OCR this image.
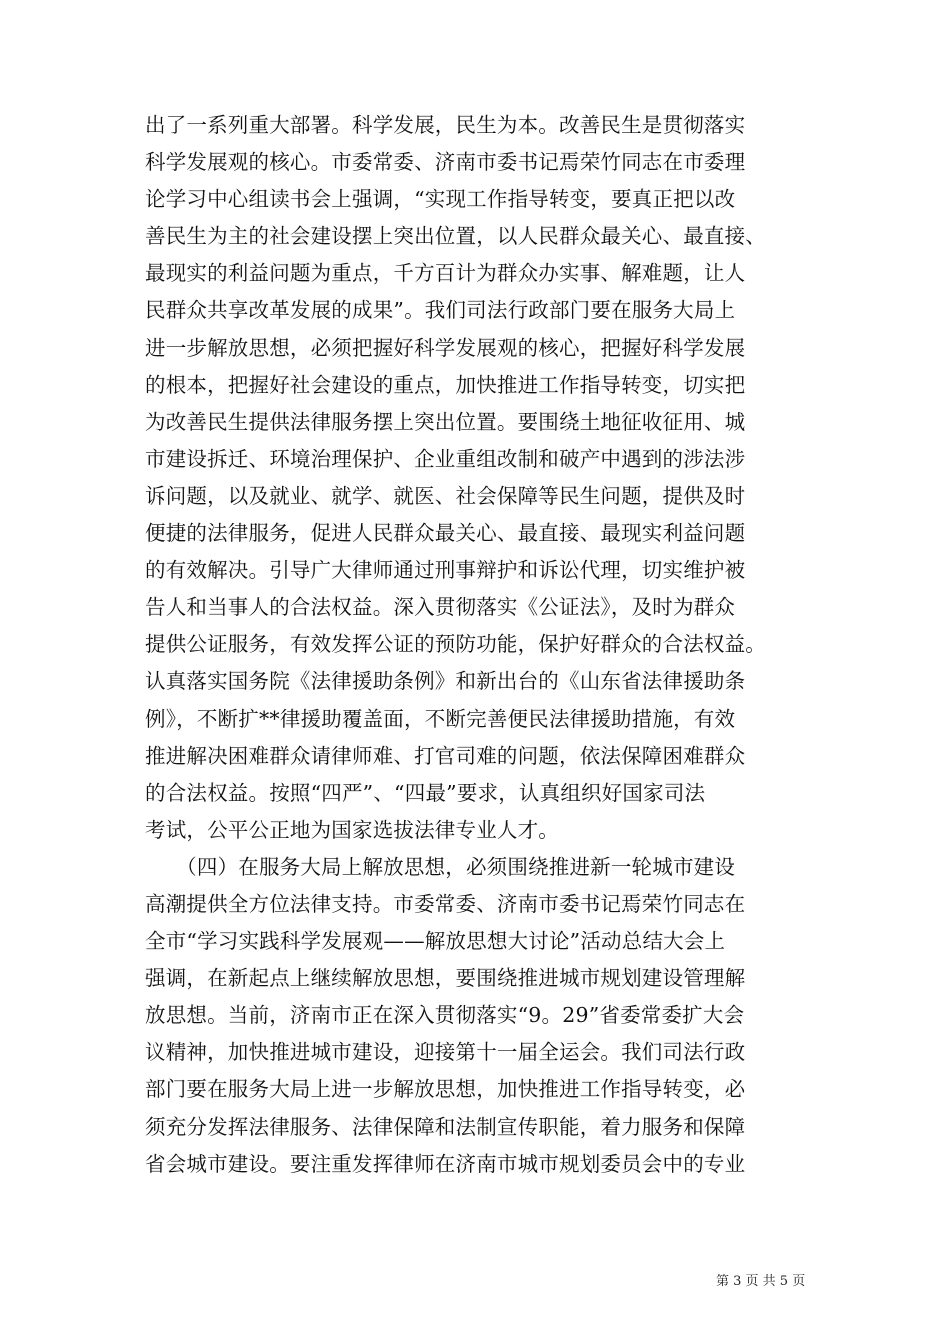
出了一系列重大部署。科学发展，民生为本。改善民生是贯彻落实
科学发展观的核心。市委常委、济南市委书记焉荣竹同志在市委理
论学习中心组读书会上强调，“实现工作指导转变，要真正把以改
善民生为主的社会建设摆上突出位置，以人民群众最关心、最直接、
最现实的利益问题为重点，千方百计为群众办实事、解难题，让人
民群众共享改革发展的成果”。我们司法行政部门要在服务大局上
进一步解放思想，必须把握好科学发展观的核心，把握好科学发展
的根本，把握好社会建设的重点，加快推进工作指导转变，切实把
为改善民生提供法律服务摆上突出位置。要围绕土地征收征用、城
市建设拆迁、环境治理保护、企业重组改制和破产中遇到的涉法涉
诉问题，以及就业、就学、就医、社会保障等民生问题，提供及时
便捷的法律服务，促进人民群众最关心、最直接、最现实利益问题
的有效解决。引导广大律师通过刑事辩护和诉讼代理，切实维护被
告人和当事人的合法权益。深入贯彻落实《公证法》，及时为群众
提供公证服务，有效发挥公证的预防功能，保护好群众的合法权益。
认真落实国务院《法律援助条例》和新出台的《山东省法律援助条
例》，不断扩**律援助覆盖面，不断完善便民法律援助措施，有效
推进解决困难群众请律师难、打官司难的问题，依法保障困难群众
的合法权益。按照“四严”、“四最”要求，认真组织好国家司法
考试，公平公正地为国家选拔法律专业人才。
　　（四）在服务大局上解放思想，必须围绕推进新一轮城市建设
高潮提供全方位法律支持。市委常委、济南市委书记焉荣竹同志在
全市“学习实践科学发展观——解放思想大讨论”活动总结大会上
强调，在新起点上继续解放思想，要围绕推进城市规划建设管理解
放思想。当前，济南市正在深入贯彻落实“9。29”省委常委扩大会
议精神，加快推进城市建设，迎接第十一届全运会。我们司法行政
部门要在服务大局上进一步解放思想，加快推进工作指导转变，必
须充分发挥法律服务、法律保障和法制宣传职能，着力服务和保障
省会城市建设。要注重发挥律师在济南市城市规划委员会中的专业
第 3 页 共 5 页
